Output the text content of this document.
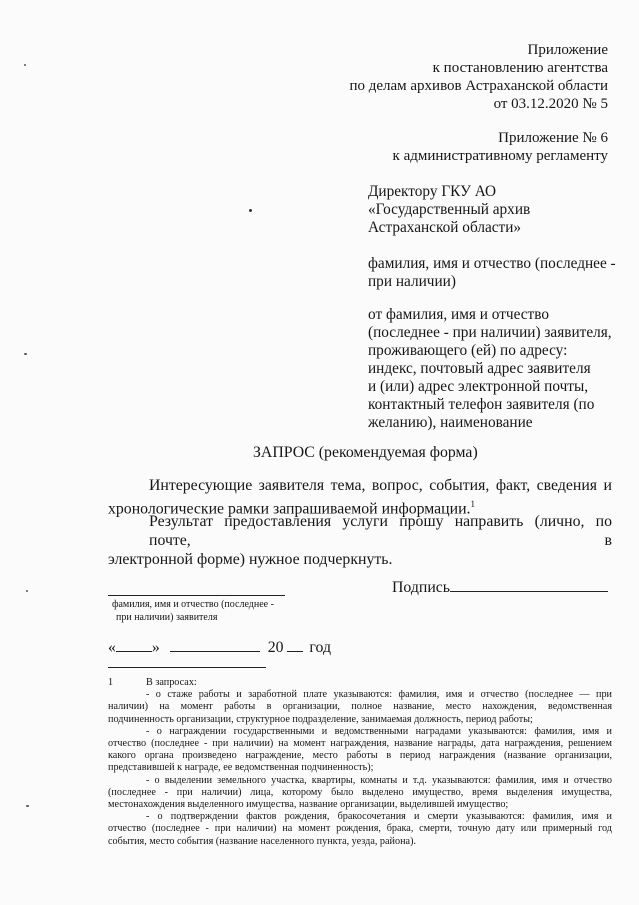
Приложение
к постановлению агентства
по делам архивов Астраханской области
от 03.12.2020 № 5
Приложение № 6
к административному регламенту
Директору ГКУ АО
«Государственный архив
Астраханской области»
фамилия, имя и отчество (последнее -
при наличии)
от фамилия, имя и отчество
(последнее - при наличии) заявителя,
проживающего (ей) по адресу:
индекс, почтовый адрес заявителя
и (или) адрес электронной почты,
контактный телефон заявителя (по
желанию), наименование
ЗАПРОС (рекомендуемая форма)
Интересующие заявителя тема, вопрос, события, факт, сведения и
хронологические рамки запрашиваемой информации.$^1$
Результат предоставления услуги прошу направить (лично, по почте, в
электронной форме) нужное подчеркнуть.
фамилия, имя и отчество (последнее -
при наличии) заявителя
Подпись
« »	20 год
1	В запросах:
- о стаже работы и заработной плате указываются: фамилия, имя и отчество (последнее — при
наличии) на момент работы в организации, полное название, место нахождения, ведомственная
подчиненность организации, структурное подразделение, занимаемая должность, период работы;
- о награждении государственными и ведомственными наградами указываются: фамилия, имя и
отчество (последнее - при наличии) на момент награждения, название награды, дата награждения, решением
какого органа произведено награждение, место работы в период награждения (название организации,
представившей к награде, ее ведомственная подчиненность);
- о выделении земельного участка, квартиры, комнаты и т.д. указываются: фамилия, имя и отчество
(последнее - при наличии) лица, которому было выделено имущество, время выделения имущества,
местонахождения выделенного имущества, название организации, выделившей имущество;
- о подтверждении фактов рождения, бракосочетания и смерти указываются: фамилия, имя и
отчество (последнее - при наличии) на момент рождения, брака, смерти, точную дату или примерный год
события, место события (название населенного пункта, уезда, района).
